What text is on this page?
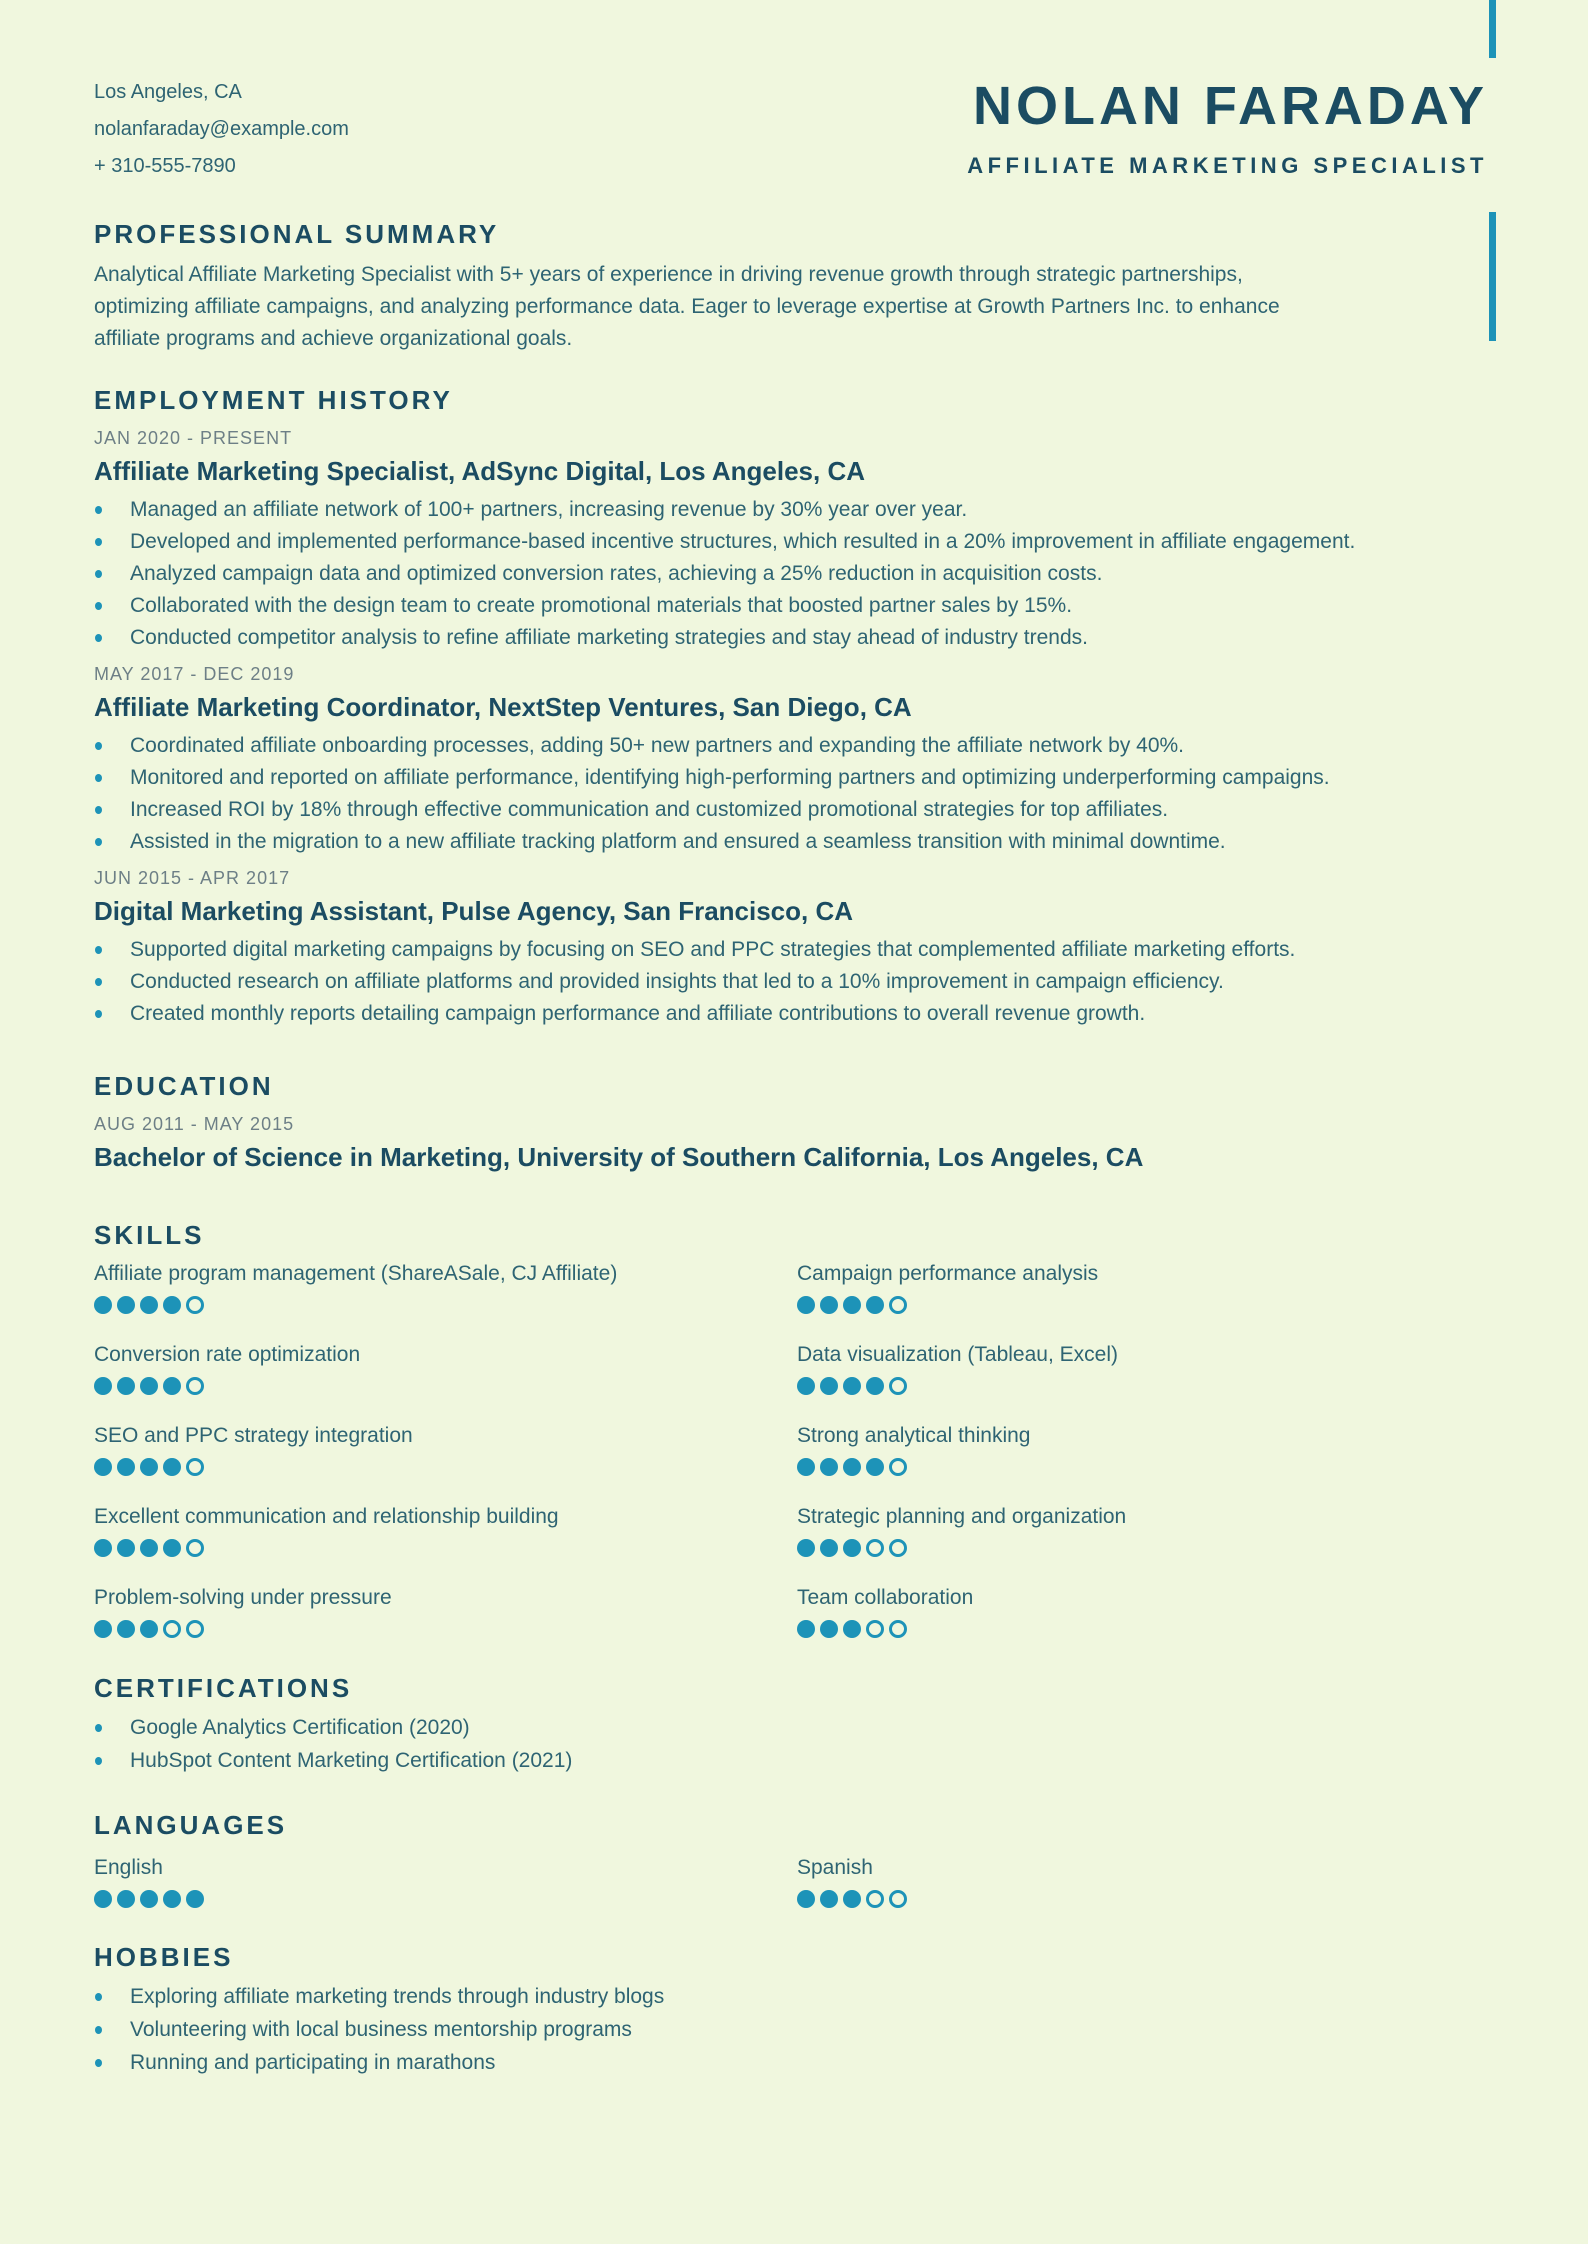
Los Angeles, CA
nolanfaraday@example.com
+ 310-555-7890
NOLAN FARADAY
AFFILIATE MARKETING SPECIALIST
PROFESSIONAL SUMMARY

Analytical Affiliate Marketing Specialist with 5+ years of experience in driving revenue growth through strategic partnerships, optimizing affiliate campaigns, and analyzing performance data. Eager to leverage expertise at Growth Partners Inc. to enhance affiliate programs and achieve organizational goals.

EMPLOYMENT HISTORY
JAN 2020 - PRESENT
Affiliate Marketing Specialist, AdSync Digital, Los Angeles, CA
Managed an affiliate network of 100+ partners, increasing revenue by 30% year over year.
Developed and implemented performance-based incentive structures, which resulted in a 20% improvement in affiliate engagement.
Analyzed campaign data and optimized conversion rates, achieving a 25% reduction in acquisition costs.
Collaborated with the design team to create promotional materials that boosted partner sales by 15%.
Conducted competitor analysis to refine affiliate marketing strategies and stay ahead of industry trends.
MAY 2017 - DEC 2019
Affiliate Marketing Coordinator, NextStep Ventures, San Diego, CA
Coordinated affiliate onboarding processes, adding 50+ new partners and expanding the affiliate network by 40%.
Monitored and reported on affiliate performance, identifying high-performing partners and optimizing underperforming campaigns.
Increased ROI by 18% through effective communication and customized promotional strategies for top affiliates.
Assisted in the migration to a new affiliate tracking platform and ensured a seamless transition with minimal downtime.
JUN 2015 - APR 2017
Digital Marketing Assistant, Pulse Agency, San Francisco, CA
Supported digital marketing campaigns by focusing on SEO and PPC strategies that complemented affiliate marketing efforts.
Conducted research on affiliate platforms and provided insights that led to a 10% improvement in campaign efficiency.
Created monthly reports detailing campaign performance and affiliate contributions to overall revenue growth.
EDUCATION
AUG 2011 - MAY 2015
Bachelor of Science in Marketing, University of Southern California, Los Angeles, CA
SKILLS
Affiliate program management (ShareASale, CJ Affiliate)	Campaign performance analysis
Conversion rate optimization	Data visualization (Tableau, Excel)
SEO and PPC strategy integration	Strong analytical thinking
Excellent communication and relationship building	Strategic planning and organization
Problem-solving under pressure	Team collaboration
CERTIFICATIONS
Google Analytics Certification (2020)
HubSpot Content Marketing Certification (2021)
LANGUAGES
English	Spanish
HOBBIES
Exploring affiliate marketing trends through industry blogs
Volunteering with local business mentorship programs
Running and participating in marathons
